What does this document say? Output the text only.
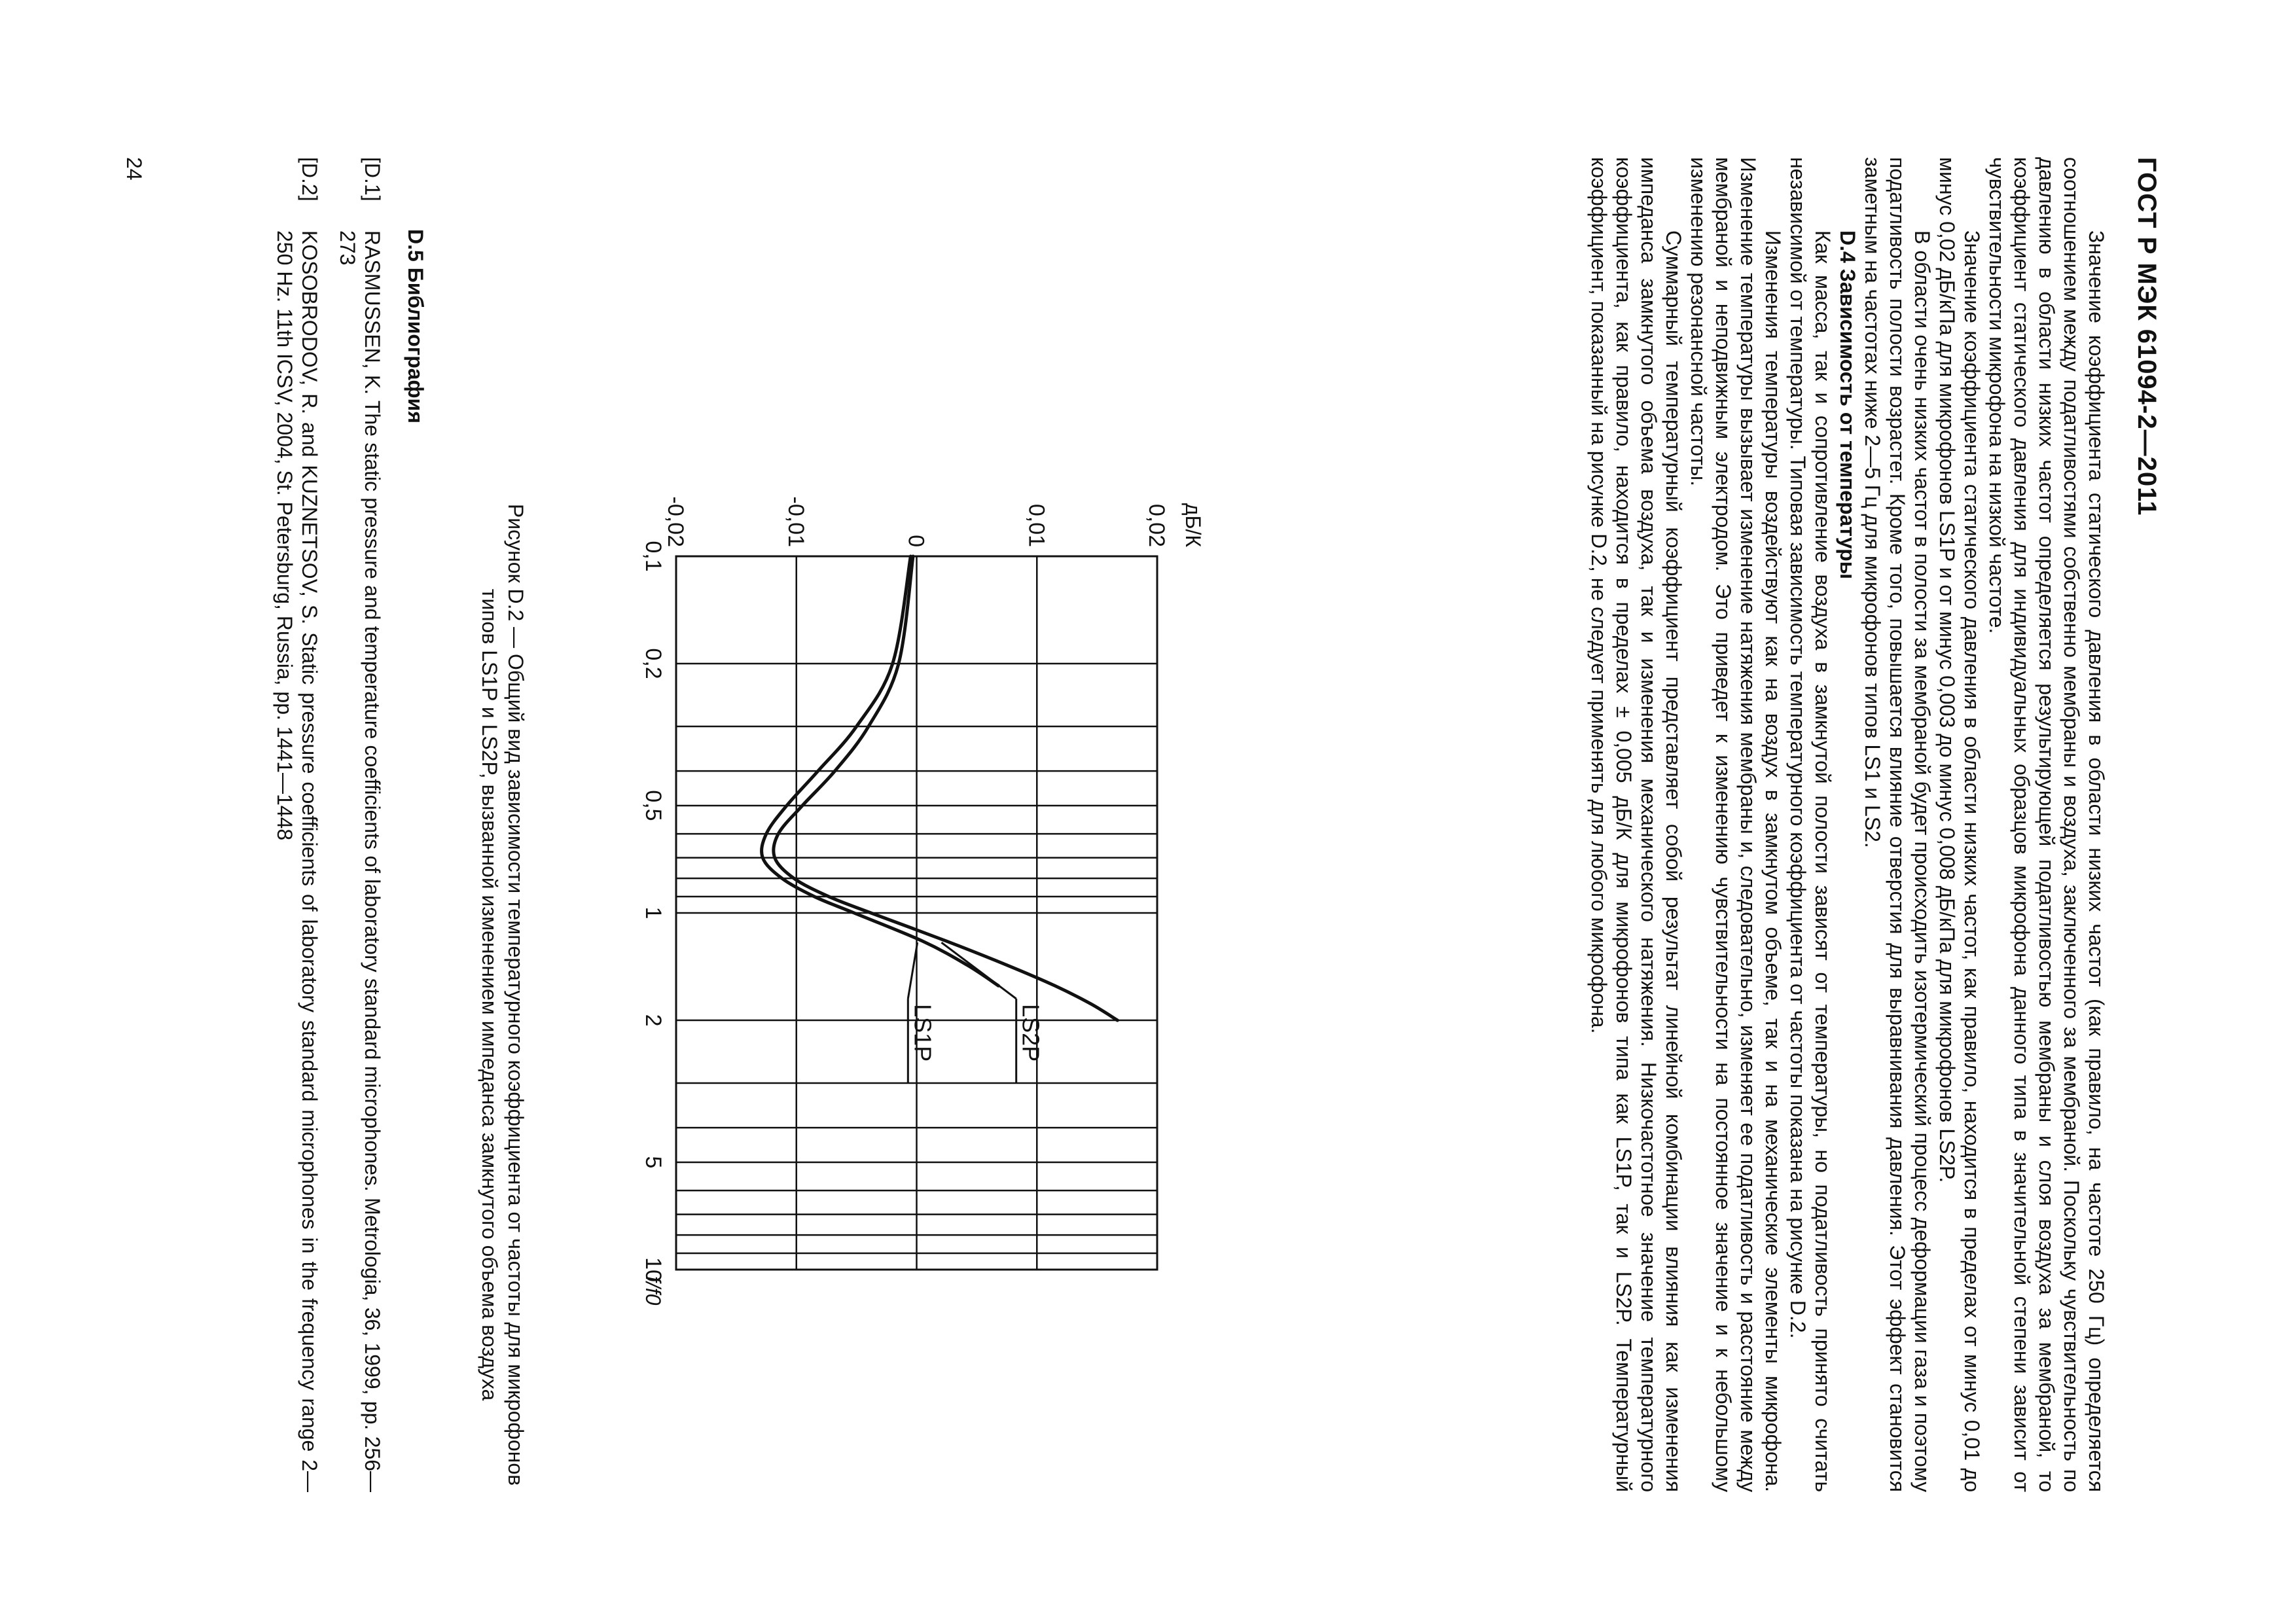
ГОСТ Р МЭК 61094-2—2011

Значение коэффициента статического давления в области низких частот (как правило, на частоте 250 Гц) определяется соотношением между податливостями собственно мембраны и воздуха, заключенного за мембраной. Поскольку чувствительность по давлению в области низких частот определяется результирующей податливостью мембраны и слоя воздуха за мембраной, то коэффициент статического давления для индивидуальных образцов микрофона данного типа в значительной степени зависит от чувствительности микрофона на низкой частоте.

Значение коэффициента статического давления в области низких частот, как правило, находится в пределах от минус 0,01 до минус 0,02 дБ/кПа для микрофонов LS1P и от минус 0,003 до минус 0,008 дБ/кПа для микрофонов LS2P.

В области очень низких частот в полости за мембраной будет происходить изотермический процесс деформации газа и поэтому податливость полости возрастет. Кроме того, повышается влияние отверстия для выравнивания давления. Этот эффект становится заметным на частотах ниже 2—5 Гц для микрофонов типов LS1 и LS2.

D.4 Зависимость от температуры

Как масса, так и сопротивление воздуха в замкнутой полости зависят от температуры, но податливость принято считать независимой от температуры. Типовая зависимость температурного коэффициента от частоты показана на рисунке D.2.

Изменения температуры воздействуют как на воздух в замкнутом объеме, так и на механические элементы микрофона. Изменение температуры вызывает изменение натяжения мембраны и, следовательно, изменяет ее податливость и расстояние между мембраной и неподвижным электродом. Это приведет к изменению чувствительности на постоянное значение и к небольшому изменению резонансной частоты.

Суммарный температурный коэффициент представляет собой результат линейной комбинации влияния как изменения импеданса замкнутого объема воздуха, так и изменения механического натяжения. Низкочастотное значение температурного коэффициента, как правило, находится в пределах ± 0,005 дБ/К для микрофонов типа как LS1P, так и LS2P. Температурный коэффициент, показанный на рисунке D.2, не следует применять для любого микрофона.

0,02
0,01
0
-0,01
-0,02
0,1
0,2
0,5
1
2
5
10
дБ/К
f/f0
LS2P
LS1P
Рисунок D.2 — Общий вид зависимости температурного коэффициента от частоты для микрофонов типов LS1P и LS2P, вызванной изменением импеданса замкнутого объема воздуха
D.5 Библиография
[D.1]
RASMUSSEN, K. The static pressure and temperature coefficients of laboratory standard microphones. Metrologia, 36, 1999, pp. 256—273
[D.2]
KOSOBRODOV, R. and KUZNETSOV, S. Static pressure coefficients of laboratory standard microphones in the frequency range 2—250 Hz. 11th ICSV, 2004, St. Petersburg, Russia, pp. 1441—1448
24
